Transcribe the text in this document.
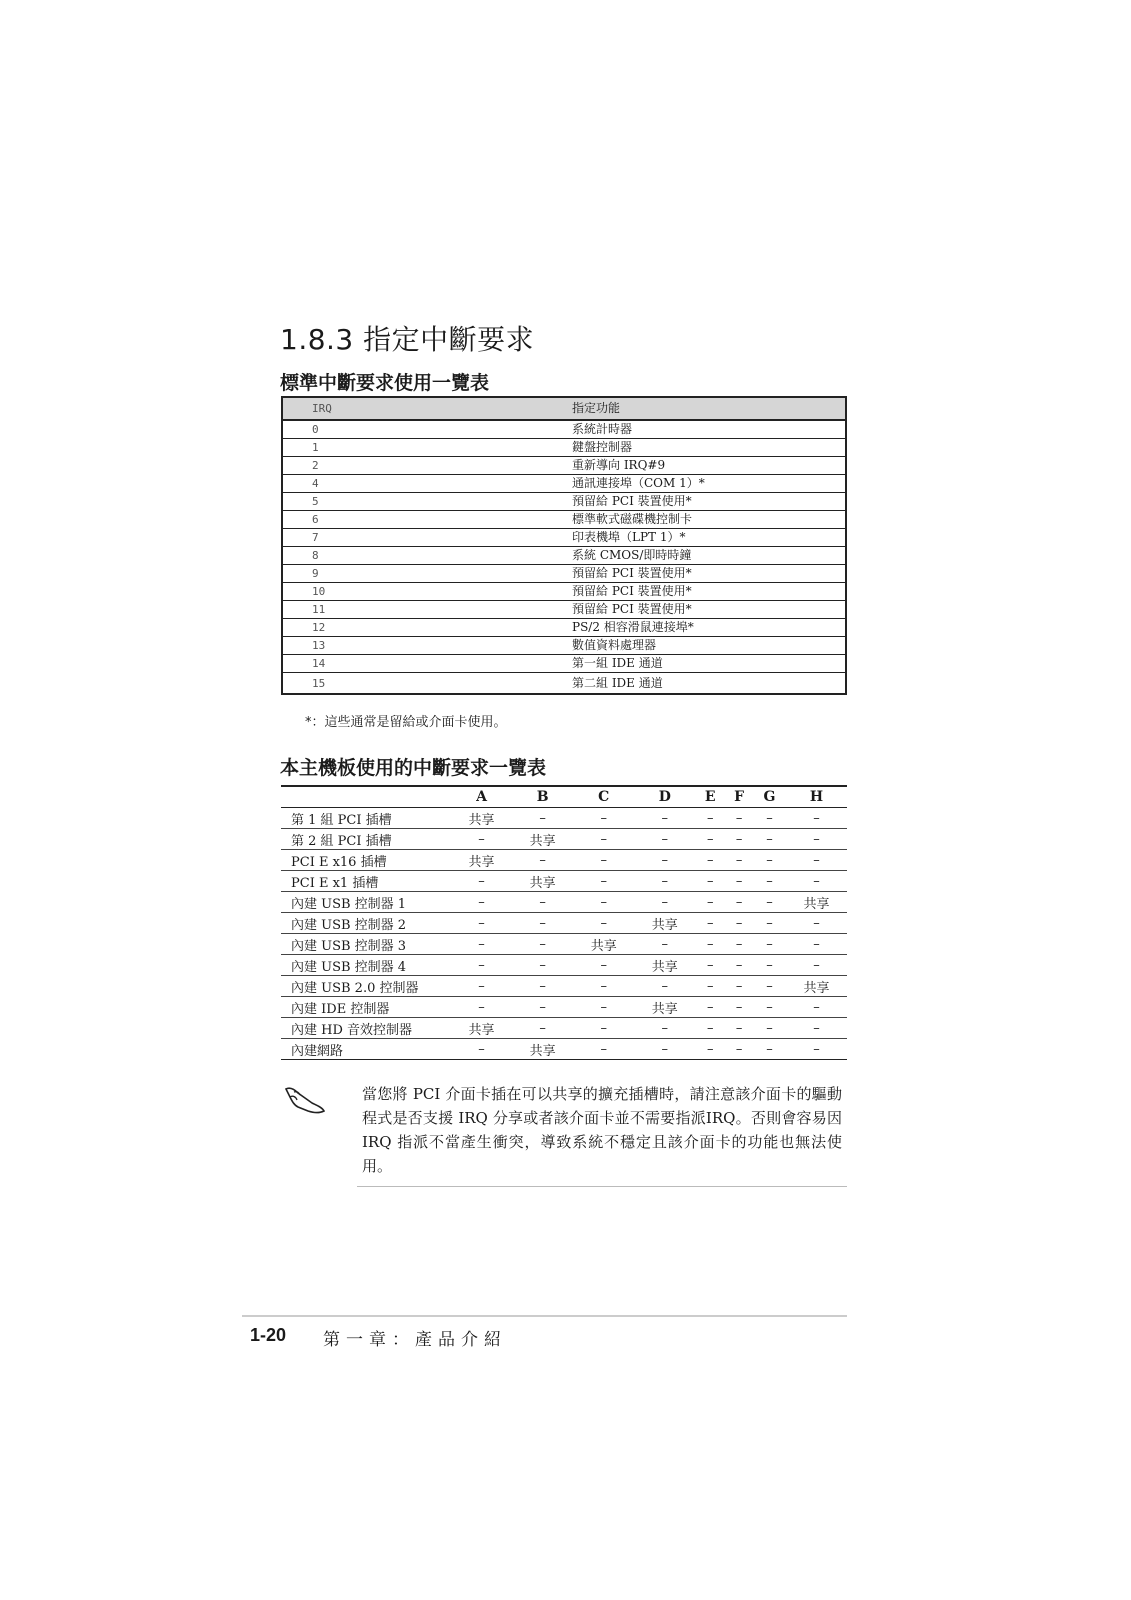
1.8.3 指定中斷要求
標準中斷要求使用一覽表
IRQ	指定功能
0	系統計時器
1	鍵盤控制器
2	重新導向 IRQ#9
4	通訊連接埠（COM 1）*
5	預留給 PCI 裝置使用*
6	標準軟式磁碟機控制卡
7	印表機埠（LPT 1）*
8	系統 CMOS/即時時鐘
9	預留給 PCI 裝置使用*
10	預留給 PCI 裝置使用*
11	預留給 PCI 裝置使用*
12	PS/2 相容滑鼠連接埠*
13	數值資料處理器
14	第一組 IDE 通道
15	第二組 IDE 通道
*：這些通常是留給或介面卡使用。
本主機板使用的中斷要求一覽表
	A	B	C	D	E	F	G	H
第 1 組 PCI 插槽	共享	–	–	–	–	–	–	–
第 2 組 PCI 插槽	–	共享	–	–	–	–	–	–
PCI E x16 插槽	共享	–	–	–	–	–	–	–
PCI E x1 插槽	–	共享	–	–	–	–	–	–
內建 USB 控制器 1	–	–	–	–	–	–	–	共享
內建 USB 控制器 2	–	–	–	共享	–	–	–	–
內建 USB 控制器 3	–	–	共享	–	–	–	–	–
內建 USB 控制器 4	–	–	–	共享	–	–	–	–
內建 USB 2.0 控制器	–	–	–	–	–	–	–	共享
內建 IDE 控制器	–	–	–	共享	–	–	–	–
內建 HD 音效控制器	共享	–	–	–	–	–	–	–
內建網路	–	共享	–	–	–	–	–	–

當您將 PCI 介面卡插在可以共享的擴充插槽時，請注意該介面卡的驅動程式是否支援 IRQ 分享或者該介面卡並不需要指派IRQ。否則會容易因 IRQ 指派不當產生衝突，導致系統不穩定且該介面卡的功能也無法使用。

1-20 第一章：產品介紹
